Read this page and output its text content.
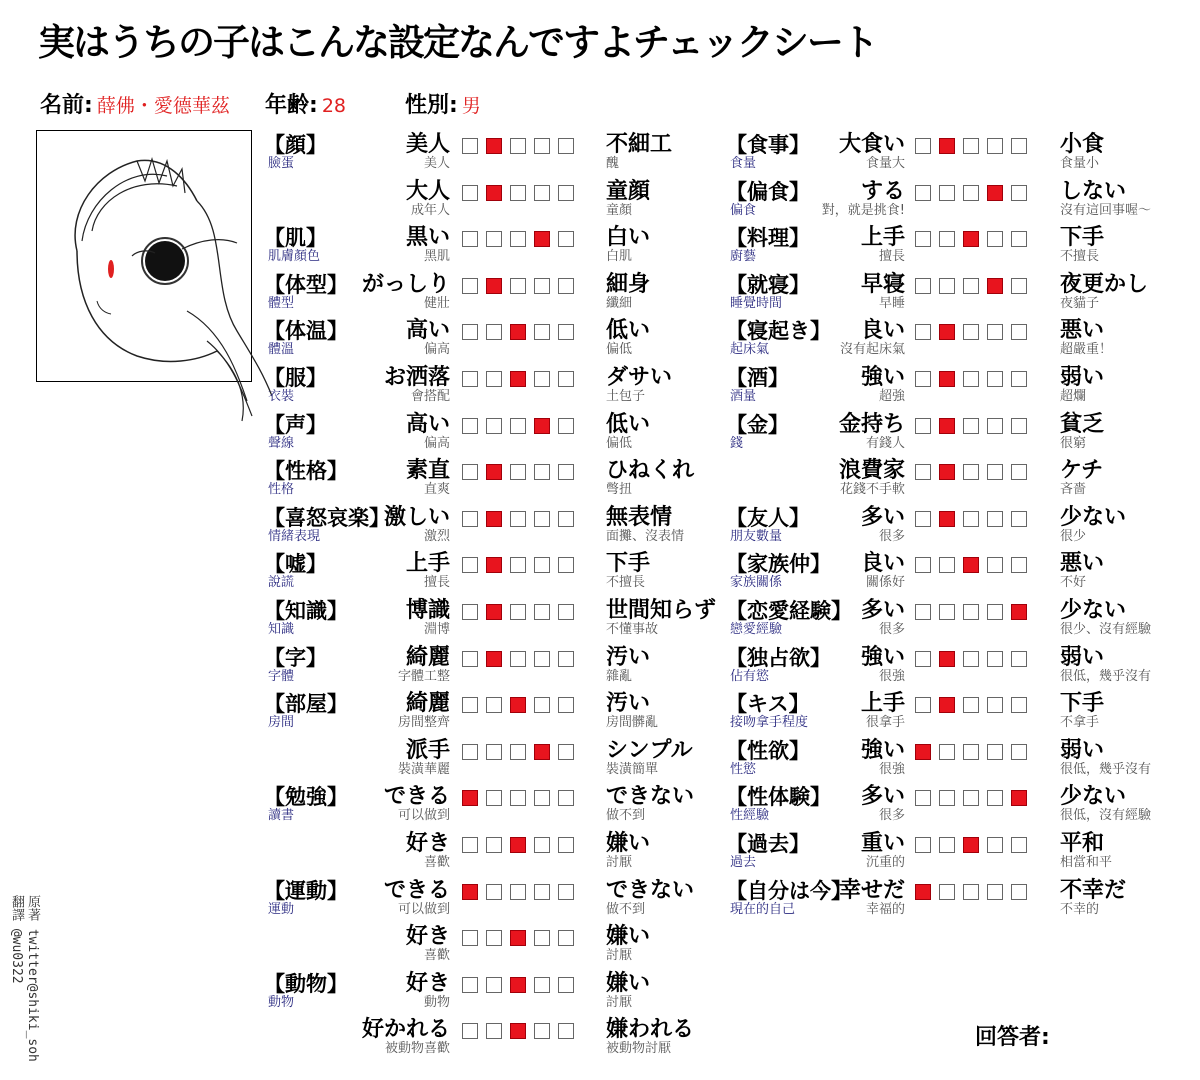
実はうちの子はこんな設定なんですよチェックシート
名前: 薛佛・愛德華茲 年齢: 28	性別: 男
【顔】
臉蛋
【肌】
肌膚顏色
【体型】
體型
【体温】
體溫
【服】
衣裝
【声】
聲線
【性格】
性格
【喜怒哀楽】
情緒表現
【嘘】
說謊
【知識】
知識
【字】
字體
【部屋】
房間
【勉強】
讀書
【運動】
運動
【動物】
動物
美人
美人
不細工
醜
大人
成年人
童顔
童顏
黒い
黑肌
白い
白肌
がっしり
健壯
細身
纖細
高い
偏高
低い
偏低
お洒落
會搭配
ダサい
土包子
高い
偏高
低い
偏低
素直
直爽
ひねくれ
彆扭
激しい
激烈
無表情
面攤、沒表情
上手
擅長
下手
不擅長
博識
淵博
世間知らず
不懂事故
綺麗
字體工整
汚い
雜亂
綺麗
房間整齊
汚い
房間髒亂
派手
裝潢華麗
シンプル
裝潢簡單
できる
可以做到
できない
做不到
好き
喜歡
嫌い
討厭
できる
可以做到
できない
做不到
好き
喜歡
嫌い
討厭
好き
動物
嫌い
討厭
好かれる
被動物喜歡
嫌われる
被動物討厭
【食事】
食量
【偏食】
偏食
【料理】
廚藝
【就寝】
睡覺時間
【寝起き】
起床氣
【酒】
酒量
【金】
錢
【友人】
朋友數量
【家族仲】
家族關係
【恋愛経験】
戀愛經驗
【独占欲】
佔有慾
【キス】
接吻拿手程度
【性欲】
性慾
【性体験】
性經驗
【過去】
過去
【自分は今】
現在的自己
大食い
食量大
小食
食量小
する
對，就是挑食!
しない
沒有這回事喔～
上手
擅長
下手
不擅長
早寝
早睡
夜更かし
夜貓子
良い
沒有起床氣
悪い
超嚴重！
強い
超強
弱い
超爛
金持ち
有錢人
貧乏
很窮
浪費家
花錢不手軟
ケチ
吝嗇
多い
很多
少ない
很少
良い
關係好
悪い
不好
多い
很多
少ない
很少、沒有經驗
強い
很強
弱い
很低，幾乎沒有
上手
很拿手
下手
不拿手
強い
很強
弱い
很低，幾乎沒有
多い
很多
少ない
很低，沒有經驗
重い
沉重的
平和
相當和平
幸せだ
幸福的
不幸だ
不幸的
原著 twitter@shiki_soh
翻譯 @wu0322
回答者:
